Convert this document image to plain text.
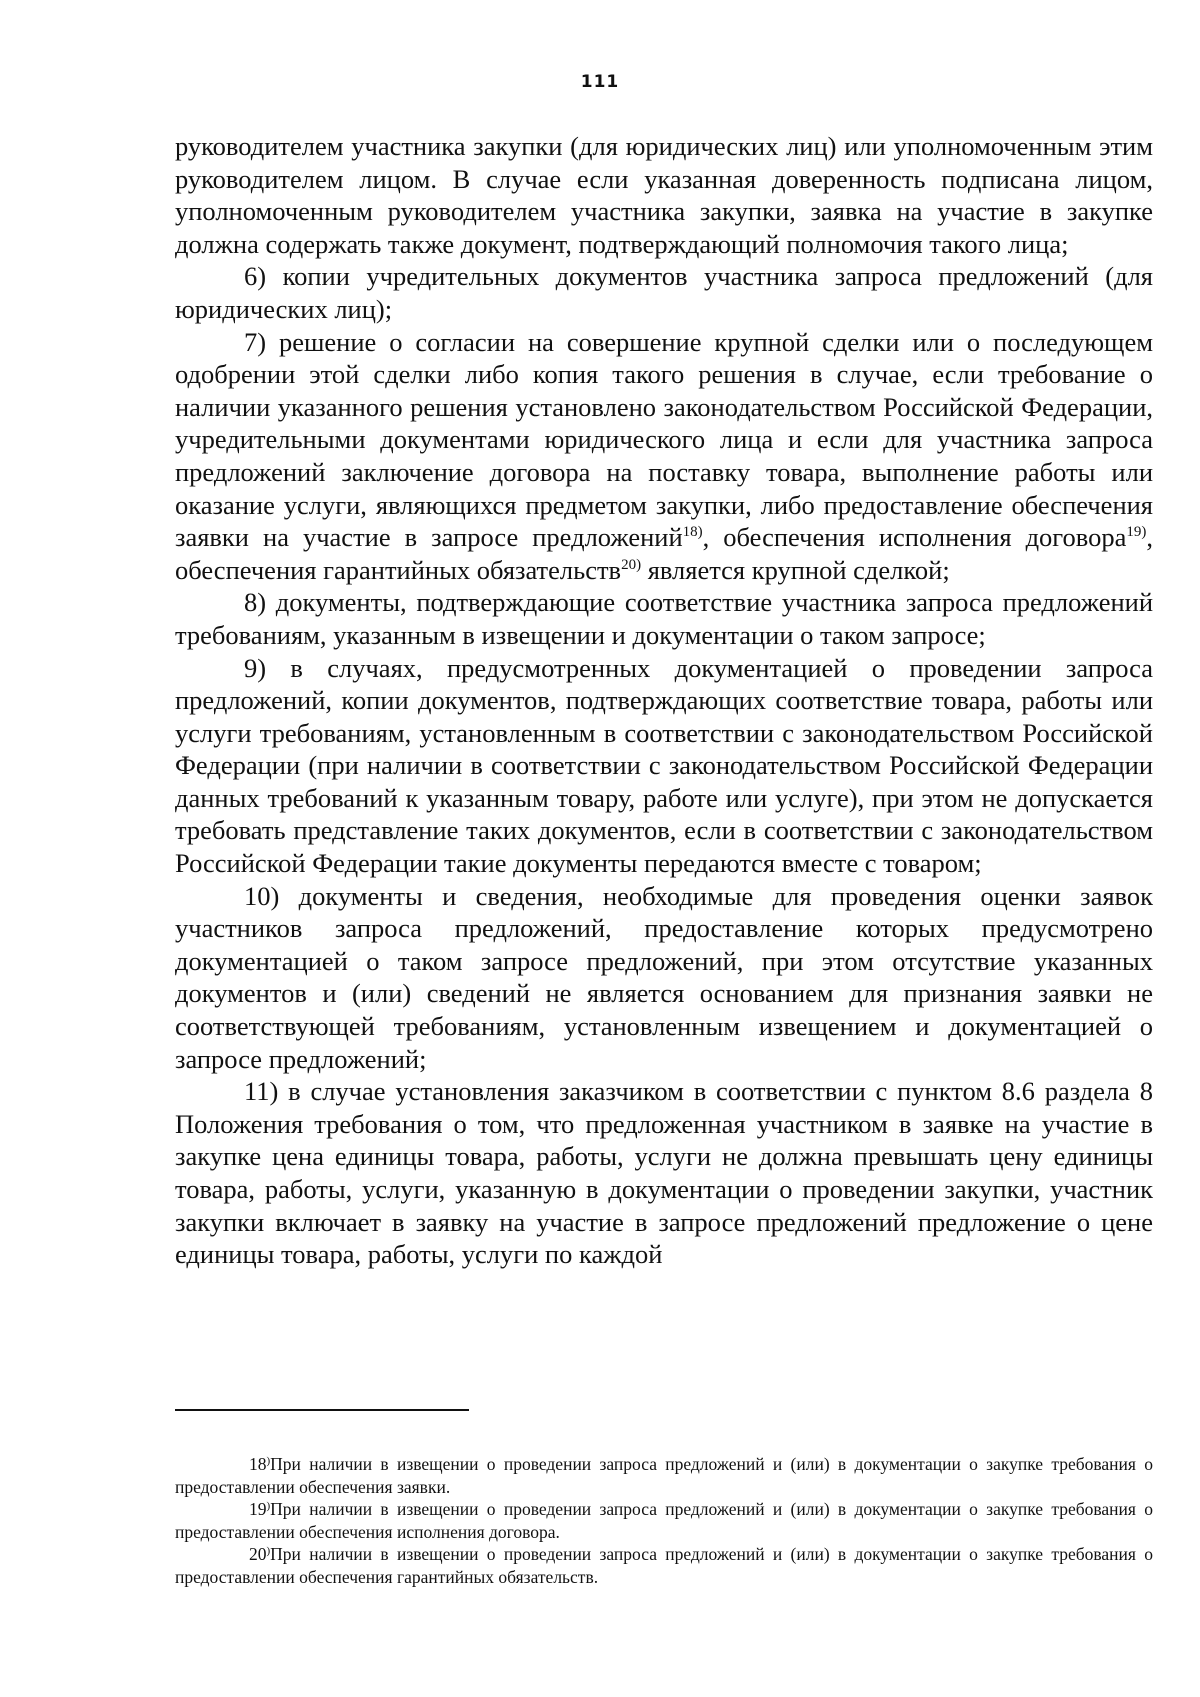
111

руководителем участника закупки (для юридических лиц) или уполномоченным этим руководителем лицом. В случае если указанная доверенность подписана лицом, уполномоченным руководителем участника закупки, заявка на участие в закупке должна содержать также документ, подтверждающий полномочия такого лица;

6) копии учредительных документов участника запроса предложений (для юридических лиц);

7) решение о согласии на совершение крупной сделки или о последующем одобрении этой сделки либо копия такого решения в случае, если требование о наличии указанного решения установлено законодательством Российской Федерации, учредительными документами юридического лица и если для участника запроса предложений заключение договора на поставку товара, выполнение работы или оказание услуги, являющихся предметом закупки, либо предоставление обеспечения заявки на участие в запросе предложений$^{18)}$, обеспечения исполнения договора$^{19)}$, обеспечения гарантийных обязательств$^{20)}$ является крупной сделкой;

8) документы, подтверждающие соответствие участника запроса предложений требованиям, указанным в извещении и документации о таком запросе;

9) в случаях, предусмотренных документацией о проведении запроса предложений, копии документов, подтверждающих соответствие товара, работы или услуги требованиям, установленным в соответствии с законодательством Российской Федерации (при наличии в соответствии с законодательством Российской Федерации данных требований к указанным товару, работе или услуге), при этом не допускается требовать представление таких документов, если в соответствии с законодательством Российской Федерации такие документы передаются вместе с товаром;

10) документы и сведения, необходимые для проведения оценки заявок участников запроса предложений, предоставление которых предусмотрено документацией о таком запросе предложений, при этом отсутствие указанных документов и (или) сведений не является основанием для признания заявки не соответствующей требованиям, установленным извещением и документацией о запросе предложений;

11) в случае установления заказчиком в соответствии с пунктом 8.6 раздела 8 Положения требования о том, что предложенная участником в заявке на участие в закупке цена единицы товара, работы, услуги не должна превышать цену единицы товара, работы, услуги, указанную в документации о проведении закупки, участник закупки включает в заявку на участие в запросе предложений предложение о цене единицы товара, работы, услуги по каждой

18)При наличии в извещении о проведении запроса предложений и (или) в документации о закупке требования о предоставлении обеспечения заявки.

19)При наличии в извещении о проведении запроса предложений и (или) в документации о закупке требования о предоставлении обеспечения исполнения договора.

20)При наличии в извещении о проведении запроса предложений и (или) в документации о закупке требования о предоставлении обеспечения гарантийных обязательств.
